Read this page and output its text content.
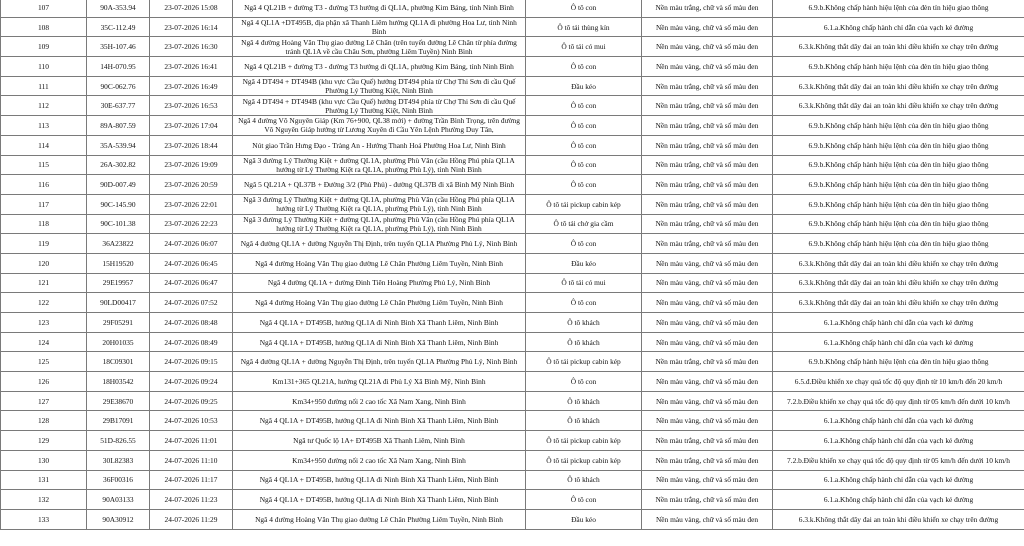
107	90A-353.94	23-07-2026 15:08	Ngã 4 QL21B + đường T3 - đường T3 hướng đi QL1A, phường Kim Bảng, tỉnh Ninh Bình	Ô tô con	Nền màu trắng, chữ và số màu đen	6.9.b.Không chấp hành hiệu lệnh của đèn tín hiệu giao thông
108	35C-112.49	23-07-2026 16:14	Ngã 4 QL1A +DT495B, địa phận xã Thanh Liêm hướng QL1A đi phường Hoa Lư, tỉnh Ninh Bình	Ô tô tải thùng kín	Nền màu vàng, chữ và số màu đen	6.1.a.Không chấp hành chỉ dẫn của vạch kẻ đường
109	35H-107.46	23-07-2026 16:30	Ngã 4 đường Hoàng Văn Thụ giao đường Lê Chân (trên tuyến đường Lê Chân từ phía đường tránh QL1A về cầu Châu Sơn, phường Liêm Tuyền) Ninh Bình	Ô tô tải có mui	Nền màu vàng, chữ và số màu đen	6.3.k.Không thắt dây đai an toàn khi điều khiển xe chạy trên đường
110	14H-070.95	23-07-2026 16:41	Ngã 4 QL21B + đường T3 - đường T3 hướng đi QL1A, phường Kim Bảng, tỉnh Ninh Bình	Ô tô con	Nền màu vàng, chữ và số màu đen	6.9.b.Không chấp hành hiệu lệnh của đèn tín hiệu giao thông
111	90C-062.76	23-07-2026 16:49	Ngã 4 DT494 + DT494B (khu vực Cầu Quế) hướng DT494 phía từ Chợ Thi Sơn đi cầu Quế Phường Lý Thường Kiệt, Ninh Bình	Đầu kéo	Nền màu trắng, chữ và số màu đen	6.3.k.Không thắt dây đai an toàn khi điều khiển xe chạy trên đường
112	30E-637.77	23-07-2026 16:53	Ngã 4 DT494 + DT494B (khu vực Cầu Quế) hướng DT494 phía từ Chợ Thi Sơn đi cầu Quế Phường Lý Thường Kiệt, Ninh Bình	Ô tô con	Nền màu trắng, chữ và số màu đen	6.3.k.Không thắt dây đai an toàn khi điều khiển xe chạy trên đường
113	89A-807.59	23-07-2026 17:04	Ngã 4 đường Võ Nguyên Giáp (Km 76+900, QL38 mới) + đường Trần Bình Trọng, trên đường Võ Nguyên Giáp hướng từ Lương Xuyên đi Cầu Yên Lệnh Phường Duy Tân,	Ô tô con	Nền màu trắng, chữ và số màu đen	6.9.b.Không chấp hành hiệu lệnh của đèn tín hiệu giao thông
114	35A-539.94	23-07-2026 18:44	Nút giao Trần Hưng Đạo - Tràng An - Hướng Thanh Hoá Phường Hoa Lư, Ninh Bình	Ô tô con	Nền màu trắng, chữ và số màu đen	6.9.b.Không chấp hành hiệu lệnh của đèn tín hiệu giao thông
115	26A-302.82	23-07-2026 19:09	Ngã 3 đường Lý Thường Kiệt + đường QL1A, phường Phù Vân (cầu Hồng Phú phía QL1A hướng từ Lý Thường Kiệt ra QL1A, phường Phù Lý), tỉnh Ninh Bình	Ô tô con	Nền màu trắng, chữ và số màu đen	6.9.b.Không chấp hành hiệu lệnh của đèn tín hiệu giao thông
116	90D-007.49	23-07-2026 20:59	Ngã 5 QL21A + QL37B + Đường 3/2 (Phủ Phủ) - đường QL37B đi xã Bình Mỹ Ninh Bình	Ô tô con	Nền màu trắng, chữ và số màu đen	6.9.b.Không chấp hành hiệu lệnh của đèn tín hiệu giao thông
117	90C-145.90	23-07-2026 22:01	Ngã 3 đường Lý Thường Kiệt + đường QL1A, phường Phù Vân (cầu Hồng Phú phía QL1A hướng từ Lý Thường Kiệt ra QL1A, phường Phù Lý), tỉnh Ninh Bình	Ô tô tải pickup cabin kép	Nền màu trắng, chữ và số màu đen	6.9.b.Không chấp hành hiệu lệnh của đèn tín hiệu giao thông
118	90C-101.38	23-07-2026 22:23	Ngã 3 đường Lý Thường Kiệt + đường QL1A, phường Phù Vân (cầu Hồng Phú phía QL1A hướng từ Lý Thường Kiệt ra QL1A, phường Phù Lý), tỉnh Ninh Bình	Ô tô tải chở gia cầm	Nền màu trắng, chữ và số màu đen	6.9.b.Không chấp hành hiệu lệnh của đèn tín hiệu giao thông
119	36A23822	24-07-2026 06:07	Ngã 4 đường QL1A + đường Nguyễn Thị Định, trên tuyến QL1A Phường Phủ Lý, Ninh Bình	Ô tô con	Nền màu trắng, chữ và số màu đen	6.9.b.Không chấp hành hiệu lệnh của đèn tín hiệu giao thông
120	15H19520	24-07-2026 06:45	Ngã 4 đường Hoàng Văn Thụ giao đường Lê Chân Phường Liêm Tuyền, Ninh Bình	Đầu kéo	Nền màu vàng, chữ và số màu đen	6.3.k.Không thắt dây đai an toàn khi điều khiển xe chạy trên đường
121	29E19957	24-07-2026 06:47	Ngã 4 đường QL1A + đường Đinh Tiên Hoàng Phường Phủ Lý, Ninh Bình	Ô tô tải có mui	Nền màu vàng, chữ và số màu đen	6.3.k.Không thắt dây đai an toàn khi điều khiển xe chạy trên đường
122	90LD00417	24-07-2026 07:52	Ngã 4 đường Hoàng Văn Thụ giao đường Lê Chân Phường Liêm Tuyền, Ninh Bình	Ô tô con	Nền màu vàng, chữ và số màu đen	6.3.k.Không thắt dây đai an toàn khi điều khiển xe chạy trên đường
123	29F05291	24-07-2026 08:48	Ngã 4 QL1A + DT495B, hướng QL1A đi Ninh Bình Xã Thanh Liêm, Ninh Bình	Ô tô khách	Nền màu vàng, chữ và số màu đen	6.1.a.Không chấp hành chỉ dẫn của vạch kẻ đường
124	20H01035	24-07-2026 08:49	Ngã 4 QL1A + DT495B, hướng QL1A đi Ninh Bình Xã Thanh Liêm, Ninh Bình	Ô tô khách	Nền màu vàng, chữ và số màu đen	6.1.a.Không chấp hành chỉ dẫn của vạch kẻ đường
125	18C09301	24-07-2026 09:15	Ngã 4 đường QL1A + đường Nguyễn Thị Định, trên tuyến QL1A Phường Phủ Lý, Ninh Bình	Ô tô tải pickup cabin kép	Nền màu trắng, chữ và số màu đen	6.9.b.Không chấp hành hiệu lệnh của đèn tín hiệu giao thông
126	18H03542	24-07-2026 09:24	Km131+365 QL21A, hướng QL21A đi Phủ Lý Xã Bình Mỹ, Ninh Bình	Ô tô con	Nền màu vàng, chữ và số màu đen	6.5.đ.Điều khiển xe chạy quá tốc độ quy định từ 10 km/h đến 20 km/h
127	29E38670	24-07-2026 09:25	Km34+950 đường nối 2 cao tốc Xã Nam Xang, Ninh Bình	Ô tô khách	Nền màu vàng, chữ và số màu đen	7.2.b.Điều khiển xe chạy quá tốc độ quy định từ 05 km/h đến dưới 10 km/h
128	29B17091	24-07-2026 10:53	Ngã 4 QL1A + DT495B, hướng QL1A đi Ninh Bình Xã Thanh Liêm, Ninh Bình	Ô tô khách	Nền màu vàng, chữ và số màu đen	6.1.a.Không chấp hành chỉ dẫn của vạch kẻ đường
129	51D-826.55	24-07-2026 11:01	Ngã tư Quốc lộ 1A+ ĐT495B Xã Thanh Liêm, Ninh Bình	Ô tô tải pickup cabin kép	Nền màu trắng, chữ và số màu đen	6.1.a.Không chấp hành chỉ dẫn của vạch kẻ đường
130	30L82383	24-07-2026 11:10	Km34+950 đường nối 2 cao tốc Xã Nam Xang, Ninh Bình	Ô tô tải pickup cabin kép	Nền màu trắng, chữ và số màu đen	7.2.b.Điều khiển xe chạy quá tốc độ quy định từ 05 km/h đến dưới 10 km/h
131	36F00316	24-07-2026 11:17	Ngã 4 QL1A + DT495B, hướng QL1A đi Ninh Bình Xã Thanh Liêm, Ninh Bình	Ô tô khách	Nền màu vàng, chữ và số màu đen	6.1.a.Không chấp hành chỉ dẫn của vạch kẻ đường
132	90A03133	24-07-2026 11:23	Ngã 4 QL1A + DT495B, hướng QL1A đi Ninh Bình Xã Thanh Liêm, Ninh Bình	Ô tô con	Nền màu trắng, chữ và số màu đen	6.1.a.Không chấp hành chỉ dẫn của vạch kẻ đường
133	90A30912	24-07-2026 11:29	Ngã 4 đường Hoàng Văn Thụ giao đường Lê Chân Phường Liêm Tuyền, Ninh Bình	Đầu kéo	Nền màu vàng, chữ và số màu đen	6.3.k.Không thắt dây đai an toàn khi điều khiển xe chạy trên đường
